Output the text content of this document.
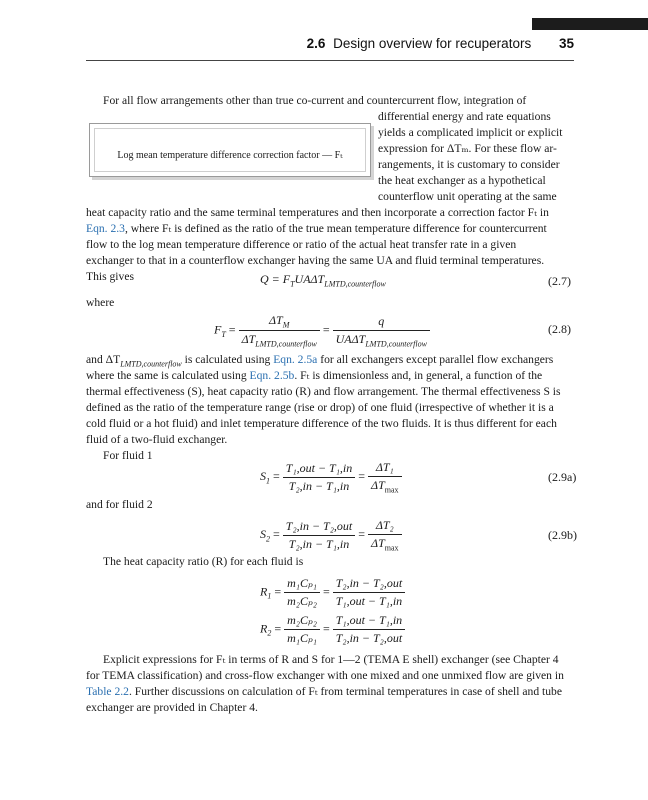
2.6 Design overview for recuperators 35
For all flow arrangements other than true co-current and countercurrent flow, integration of
Log mean temperature difference correction factor — Fₜ
differential energy and rate equations
yields a complicated implicit or explicit
expression for ΔTₘ. For these flow ar-
rangements, it is customary to consider
the heat exchanger as a hypothetical
counterflow unit operating at the same
heat capacity ratio and the same terminal temperatures and then incorporate a correction factor Fₜ in
Eqn. 2.3, where Fₜ is defined as the ratio of the true mean temperature difference for countercurrent
flow to the log mean temperature difference or ratio of the actual heat transfer rate in a given
exchanger to that in a counterflow exchanger having the same UA and fluid terminal temperatures.
This gives	$Q = F_TUA\Delta T_{LMTD,counterflow}$	(2.7)
where
$F_T = \frac{\Delta T_M}{\Delta T_{LMTD,counterflow}} = \frac{q}{UA\Delta T_{LMTD,counterflow}}$	(2.8)
and $\Delta T_{LMTD,counterflow}$ is calculated using Eqn. 2.5a for all exchangers except parallel flow exchangers
where the same is calculated using Eqn. 2.5b. Fₜ is dimensionless and, in general, a function of the
thermal effectiveness (S), heat capacity ratio (R) and flow arrangement. The thermal effectiveness S is
defined as the ratio of the temperature range (rise or drop) of one fluid (irrespective of whether it is a
cold fluid or a hot fluid) and inlet temperature difference of the two fluids. It is thus different for each
fluid of a two-fluid exchanger.
For fluid 1
$S_1 = \frac{\text{T₁,out − T₁,in}}{\text{T₂,in − T₁,in}} = \frac{\text{ΔT₁}}{\Delta T_{max}}$	(2.9a)
and for fluid 2
$S_2 = \frac{\text{T₂,in − T₂,out}}{\text{T₂,in − T₁,in}} = \frac{\text{ΔT₂}}{\Delta T_{max}}$	(2.9b)
The heat capacity ratio (R) for each fluid is
$R_1 = \frac{\text{m₁Cₚ₁}}{\text{m₂Cₚ₂}} = \frac{\text{T₂,in − T₂,out}}{\text{T₁,out − T₁,in}}$
$R_2 = \frac{\text{m₂Cₚ₂}}{\text{m₁Cₚ₁}} = \frac{\text{T₁,out − T₁,in}}{\text{T₂,in − T₂,out}}$
Explicit expressions for Fₜ in terms of R and S for 1—2 (TEMA E shell) exchanger (see Chapter 4
for TEMA classification) and cross-flow exchanger with one mixed and one unmixed flow are given in
Table 2.2. Further discussions on calculation of Fₜ from terminal temperatures in case of shell and tube
exchanger are provided in Chapter 4.
